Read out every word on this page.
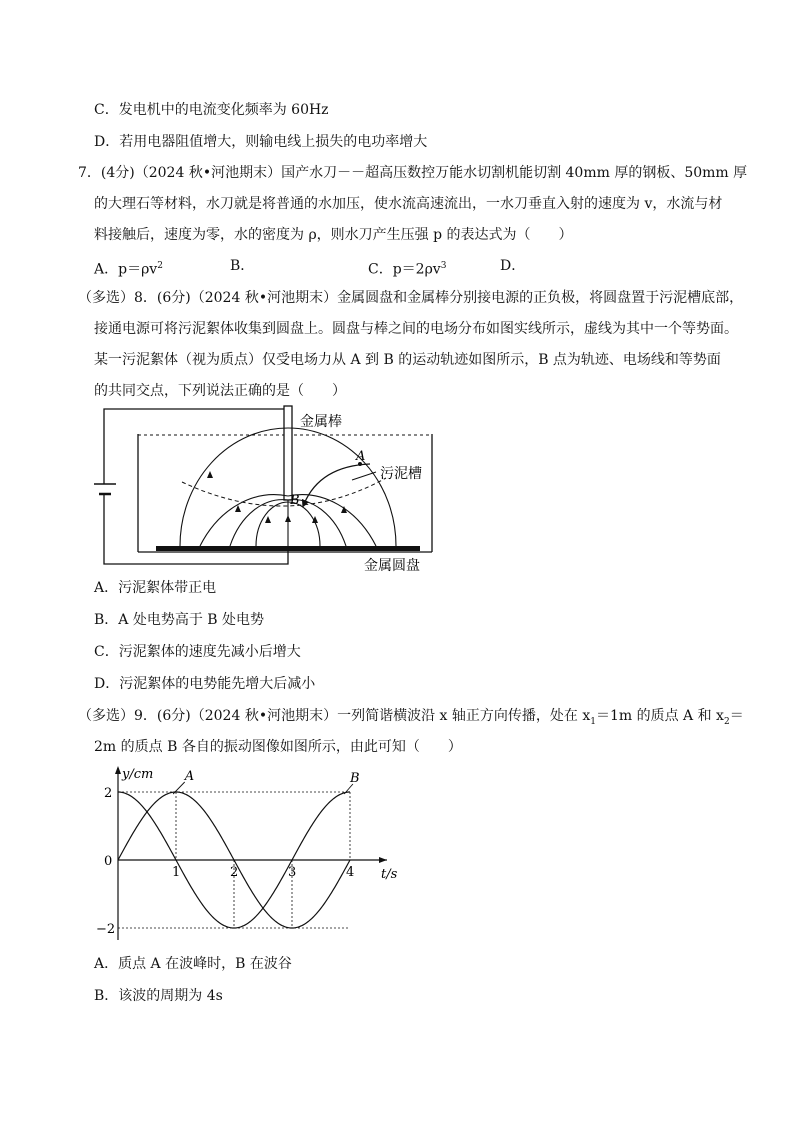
C．发电机中的电流变化频率为 60Hz
D．若用电器阻值增大，则输电线上损失的电功率增大
7．(4分)（2024 秋•河池期末）国产水刀－－超高压数控万能水切割机能切割 40mm 厚的钢板、50mm 厚
的大理石等材料，水刀就是将普通的水加压，使水流高速流出，一水刀垂直入射的速度为 v，水流与材
料接触后，速度为零，水的密度为 ρ，则水刀产生压强 p 的表达式为（　　）
A．$p=\rho v^2$	B．	C．$p=2\rho v^3$	D．
（多选）8．(6分)（2024 秋•河池期末）金属圆盘和金属棒分别接电源的正负极，将圆盘置于污泥槽底部，
接通电源可将污泥絮体收集到圆盘上。圆盘与棒之间的电场分布如图实线所示，虚线为其中一个等势面。
某一污泥絮体（视为质点）仅受电场力从 A 到 B 的运动轨迹如图所示，B 点为轨迹、电场线和等势面
的共同交点，下列说法正确的是（　　）
金属棒
污泥槽
金属圆盘
A
B
A．污泥絮体带正电
B．A 处电势高于 B 处电势
C．污泥絮体的速度先减小后增大
D．污泥絮体的电势能先增大后减小
（多选）9．(6分)（2024 秋•河池期末）一列简谐横波沿 x 轴正方向传播，处在 $x_1=1m$ 的质点 A 和 $x_2=$
2m 的质点 B 各自的振动图像如图所示，由此可知（　　）
1	2	3	4
2
0
−2
y/cm
t/s
A	B
A．质点 A 在波峰时，B 在波谷
B．该波的周期为 4s
